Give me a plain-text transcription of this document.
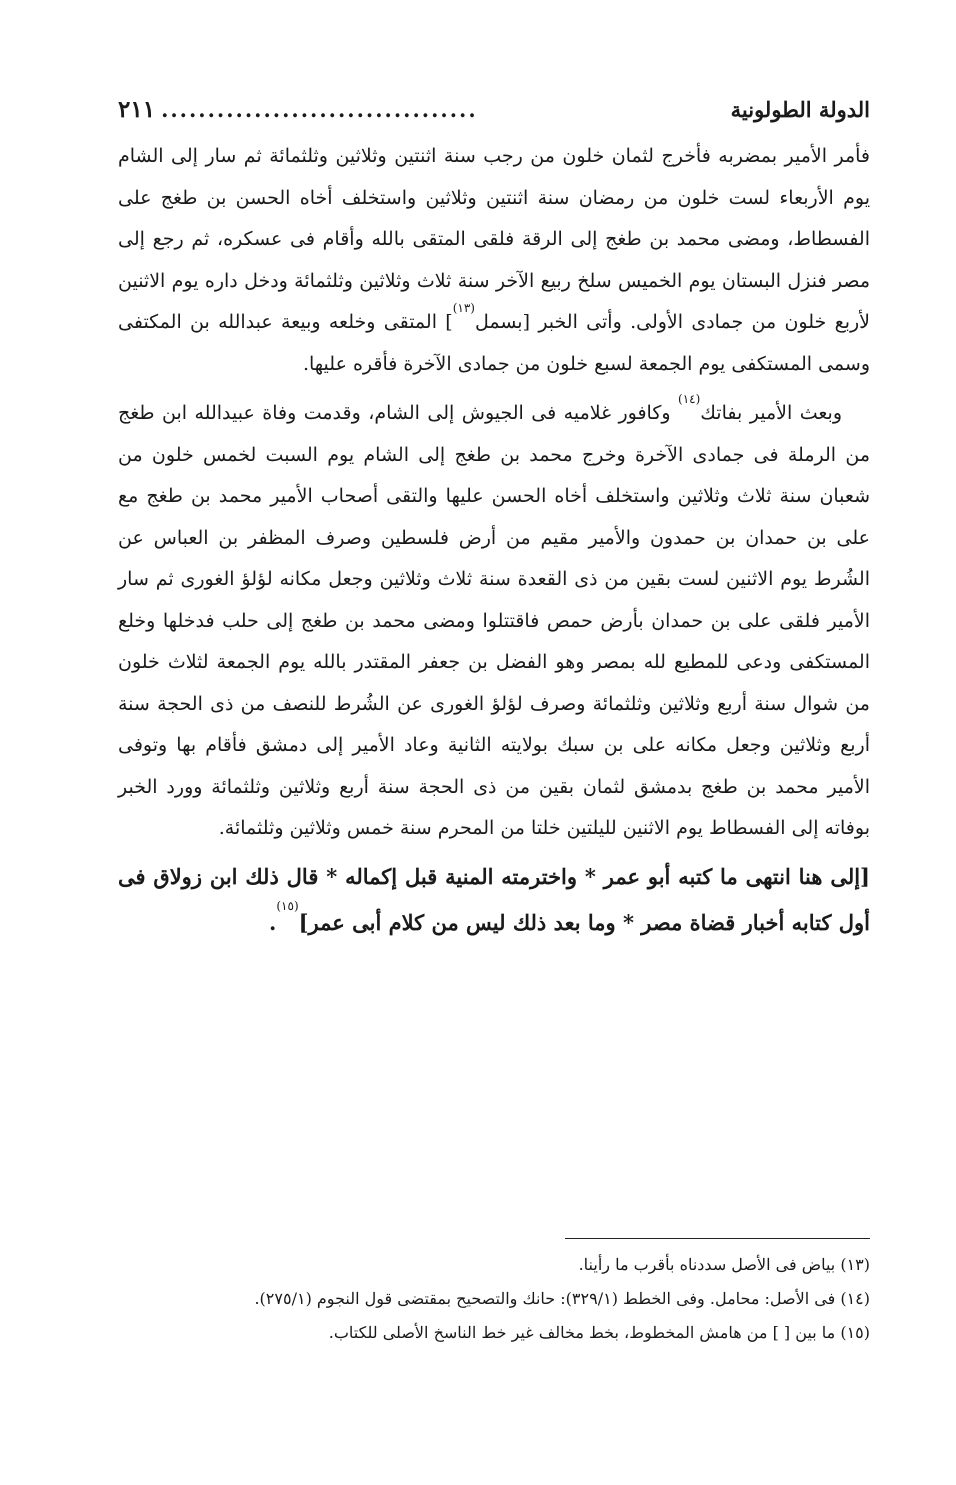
الدولة الطولونية
..................................
٢١١

فأمر الأمير بمضربه فأخرج لثمان خلون من رجب سنة اثنتين وثلاثين وثلثمائة ثم سار إلى الشام يوم الأربعاء لست خلون من رمضان سنة اثنتين وثلاثين واستخلف أخاه الحسن بن طغج على الفسطاط، ومضى محمد بن طغج إلى الرقة فلقى المتقى بالله وأقام فى عسكره، ثم رجع إلى مصر فنزل البستان يوم الخميس سلخ ربيع الآخر سنة ثلاث وثلاثين وثلثمائة ودخل داره يوم الاثنين لأربع خلون من جمادى الأولى. وأتى الخبر [بسمل$^{(١٣)}$] المتقى وخلعه وبيعة عبدالله بن المكتفى وسمى المستكفى يوم الجمعة لسبع خلون من جمادى الآخرة فأقره عليها.

وبعث الأمير بفاتك$^{(١٤)}$ وكافور غلاميه فى الجيوش إلى الشام، وقدمت وفاة عبيدالله ابن طغج من الرملة فى جمادى الآخرة وخرج محمد بن طغج إلى الشام يوم السبت لخمس خلون من شعبان سنة ثلاث وثلاثين واستخلف أخاه الحسن عليها والتقى أصحاب الأمير محمد بن طغج مع على بن حمدان بن حمدون والأمير مقيم من أرض فلسطين وصرف المظفر بن العباس عن الشُرط يوم الاثنين لست بقين من ذى القعدة سنة ثلاث وثلاثين وجعل مكانه لؤلؤ الغورى ثم سار الأمير فلقى على بن حمدان بأرض حمص فاقتتلوا ومضى محمد بن طغج إلى حلب فدخلها وخلع المستكفى ودعى للمطيع لله بمصر وهو الفضل بن جعفر المقتدر بالله يوم الجمعة لثلاث خلون من شوال سنة أربع وثلاثين وثلثمائة وصرف لؤلؤ الغورى عن الشُرط للنصف من ذى الحجة سنة أربع وثلاثين وجعل مكانه على بن سبك بولايته الثانية وعاد الأمير إلى دمشق فأقام بها وتوفى الأمير محمد بن طغج بدمشق لثمان بقين من ذى الحجة سنة أربع وثلاثين وثلثمائة وورد الخبر بوفاته إلى الفسطاط يوم الاثنين لليلتين خلتا من المحرم سنة خمس وثلاثين وثلثمائة.

[إلى هنا انتهى ما كتبه أبو عمر * واخترمته المنية قبل إكماله * قال ذلك ابن زولاق فى أول كتابه أخبار قضاة مصر * وما بعد ذلك ليس من كلام أبى عمر]$^{(١٥)}$.

(١٣) بياض فى الأصل سددناه بأقرب ما رأينا.

(١٤) فى الأصل: محامل. وفى الخطط (٣٢٩/١): حانك والتصحيح بمقتضى قول النجوم (٢٧٥/١).

(١٥) ما بين [ ] من هامش المخطوط، بخط مخالف غير خط الناسخ الأصلى للكتاب.
